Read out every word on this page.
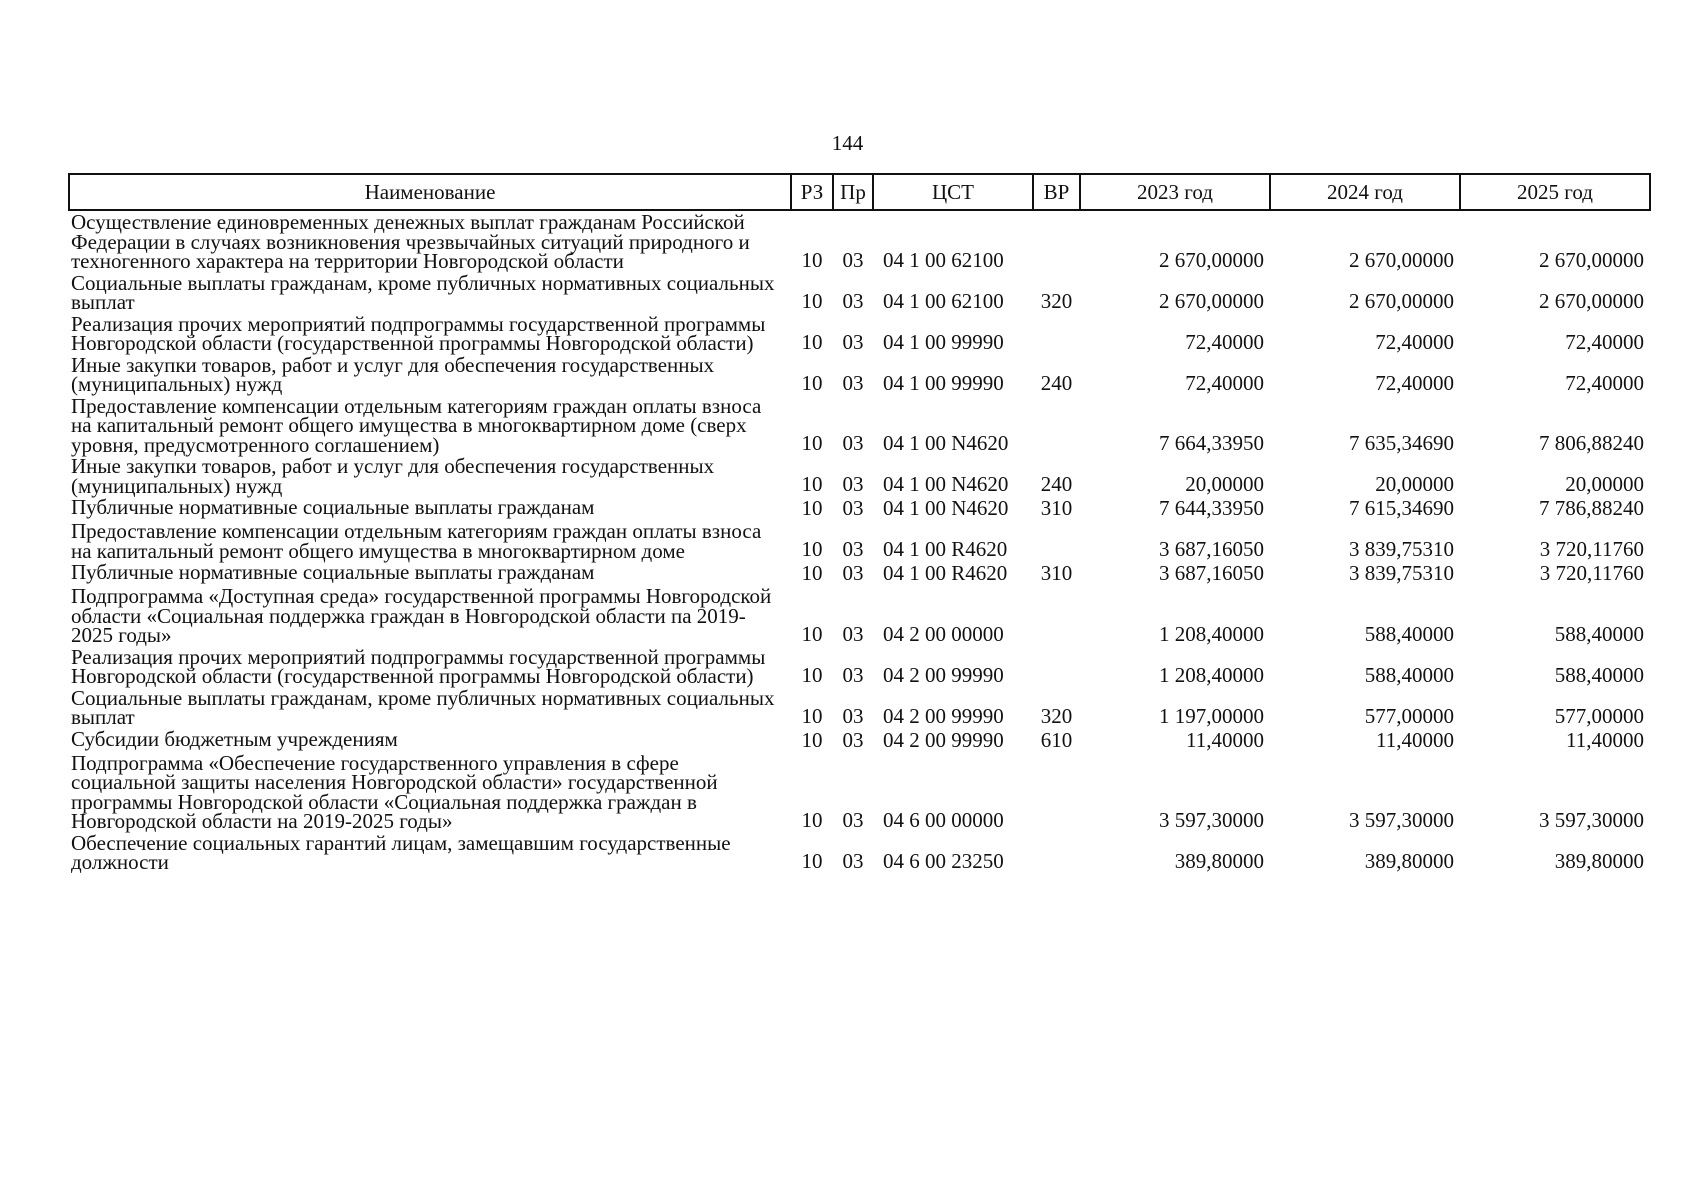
144
Наименование	РЗ	Пр	ЦСТ	ВР	2023 год	2024 год	2025 год
Осуществление единовременных денежных выплат гражданам Российской Федерации в случаях возникновения чрезвычайных ситуаций природного и техногенного характера на территории Новгородской области	10	03	04 1 00 62100		2 670,00000	2 670,00000	2 670,00000
Социальные выплаты гражданам, кроме публичных нормативных социальных выплат	10	03	04 1 00 62100	320	2 670,00000	2 670,00000	2 670,00000
Реализация прочих мероприятий подпрограммы государственной программы Новгородской области (государственной программы Новгородской области)	10	03	04 1 00 99990		72,40000	72,40000	72,40000
Иные закупки товаров, работ и услуг для обеспечения государственных (муниципальных) нужд	10	03	04 1 00 99990	240	72,40000	72,40000	72,40000
Предоставление компенсации отдельным категориям граждан оплаты взноса на капитальный ремонт общего имущества в многоквартирном доме (сверх уровня, предусмотренного соглашением)	10	03	04 1 00 N4620		7 664,33950	7 635,34690	7 806,88240
Иные закупки товаров, работ и услуг для обеспечения государственных (муниципальных) нужд	10	03	04 1 00 N4620	240	20,00000	20,00000	20,00000
Публичные нормативные социальные выплаты гражданам	10	03	04 1 00 N4620	310	7 644,33950	7 615,34690	7 786,88240
Предоставление компенсации отдельным категориям граждан оплаты взноса на капитальный ремонт общего имущества в многоквартирном доме	10	03	04 1 00 R4620		3 687,16050	3 839,75310	3 720,11760
Публичные нормативные социальные выплаты гражданам	10	03	04 1 00 R4620	310	3 687,16050	3 839,75310	3 720,11760
Подпрограмма «Доступная среда» государственной программы Новгородской области «Социальная поддержка граждан в Новгородской области па 2019-2025 годы»	10	03	04 2 00 00000		1 208,40000	588,40000	588,40000
Реализация прочих мероприятий подпрограммы государственной программы Новгородской области (государственной программы Новгородской области)	10	03	04 2 00 99990		1 208,40000	588,40000	588,40000
Социальные выплаты гражданам, кроме публичных нормативных социальных выплат	10	03	04 2 00 99990	320	1 197,00000	577,00000	577,00000
Субсидии бюджетным учреждениям	10	03	04 2 00 99990	610	11,40000	11,40000	11,40000
Подпрограмма «Обеспечение государственного управления в сфере социальной защиты населения Новгородской области» государственной программы Новгородской области «Социальная поддержка граждан в Новгородской области на 2019-2025 годы»	10	03	04 6 00 00000		3 597,30000	3 597,30000	3 597,30000
Обеспечение социальных гарантий лицам, замещавшим государственные должности	10	03	04 6 00 23250		389,80000	389,80000	389,80000
